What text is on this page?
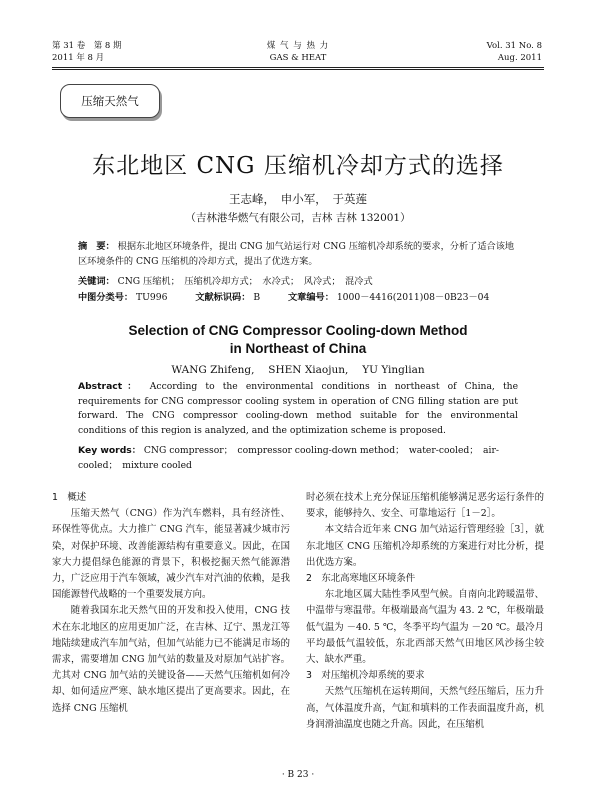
第 31 卷　第 8 期
2011 年 8 月
煤 气 与 热 力
GAS & HEAT
Vol. 31 No. 8
Aug. 2011
压缩天然气
东北地区 CNG 压缩机冷却方式的选择
王志峰，　申小军，　于英莲
（吉林港华燃气有限公司，吉林 吉林 132001）
摘　要： 根据东北地区环境条件，提出 CNG 加气站运行对 CNG 压缩机冷却系统的要求，分析了适合该地区环境条件的 CNG 压缩机的冷却方式，提出了优选方案。
关键词： CNG 压缩机；　压缩机冷却方式；　水冷式；　风冷式；　混冷式
中图分类号： TU996	文献标识码： B	文章编号： 1000－4416(2011)08－0B23－04
Selection of CNG Compressor Cooling-down Method
in Northeast of China
WANG Zhifeng,　 SHEN Xiaojun,　 YU Yinglian
Abstract： According to the environmental conditions in northeast of China, the requirements for CNG compressor cooling system in operation of CNG filling station are put forward. The CNG compressor cooling-down method suitable for the environmental conditions of this region is analyzed, and the optimization scheme is proposed.
Key words： CNG compressor；　compressor cooling-down method；　water-cooled；　air-cooled；　mixture cooled

1　概述

压缩天然气（CNG）作为汽车燃料，具有经济性、环保性等优点。大力推广 CNG 汽车，能显著减少城市污染，对保护环境、改善能源结构有重要意义。因此，在国家大力提倡绿色能源的背景下，积极挖掘天然气能源潜力，广泛应用于汽车领域，减少汽车对汽油的依赖，是我国能源替代战略的一个重要发展方向。

随着我国东北天然气田的开发和投入使用，CNG 技术在东北地区的应用更加广泛，在吉林、辽宁、黑龙江等地陆续建成汽车加气站，但加气站能力已不能满足市场的需求，需要增加 CNG 加气站的数量及对原加气站扩容。尤其对 CNG 加气站的关键设备——天然气压缩机如何冷却、如何适应严寒、缺水地区提出了更高要求。因此，在选择 CNG 压缩机

时必须在技术上充分保证压缩机能够满足恶劣运行条件的要求，能够持久、安全、可靠地运行［1－2］。

本文结合近年来 CNG 加气站运行管理经验［3］，就东北地区 CNG 压缩机冷却系统的方案进行对比分析，提出优选方案。

2　东北高寒地区环境条件

东北地区属大陆性季风型气候。自南向北跨暖温带、中温带与寒温带。年极端最高气温为 43. 2 ℃，年极端最低气温为 －40. 5 ℃，冬季平均气温为 －20 ℃。最冷月平均最低气温较低，东北西部天然气田地区风沙扬尘较大、缺水严重。

3　对压缩机冷却系统的要求

天然气压缩机在运转期间，天然气经压缩后，压力升高，气体温度升高，气缸和填料的工作表面温度升高，机身润滑油温度也随之升高。因此，在压缩机

· B 23 ·
